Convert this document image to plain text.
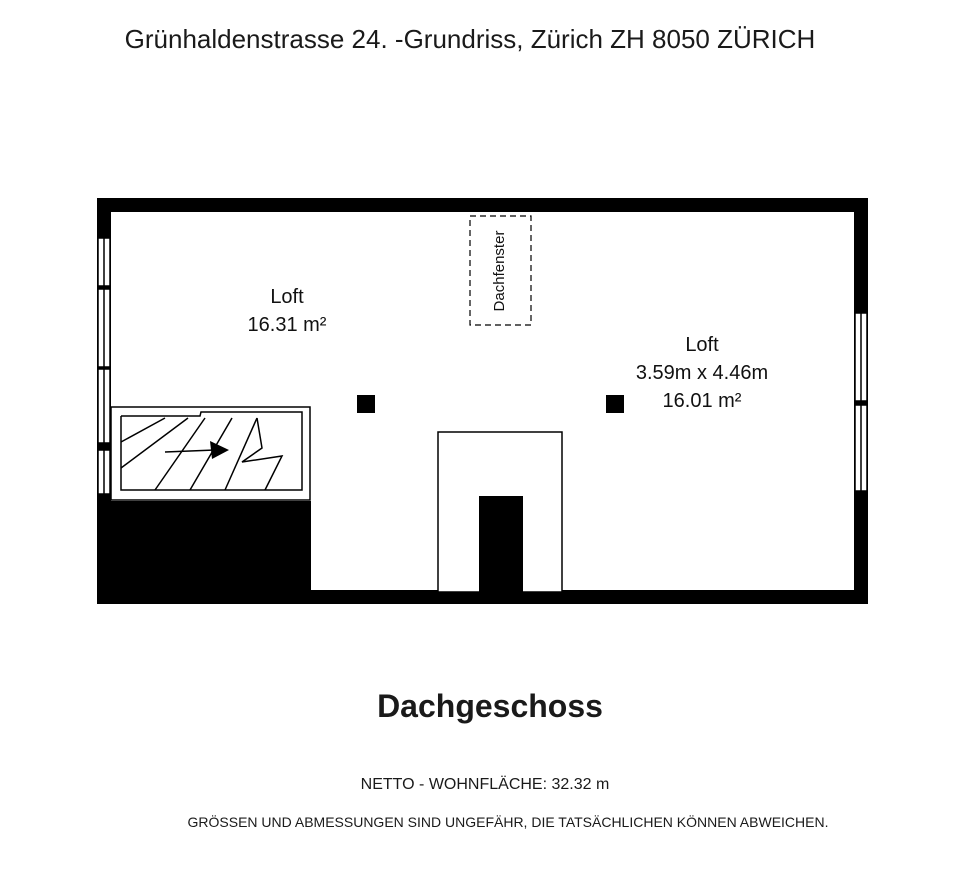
Grünhaldenstrasse 24. -Grundriss, Zürich ZH 8050 ZÜRICH
Dachfenster
Loft
16.31 m²
Loft
3.59m x 4.46m
16.01 m²
Dachgeschoss
NETTO - WOHNFLÄCHE: 32.32 m
GRÖSSEN UND ABMESSUNGEN SIND UNGEFÄHR, DIE TATSÄCHLICHEN KÖNNEN ABWEICHEN.
